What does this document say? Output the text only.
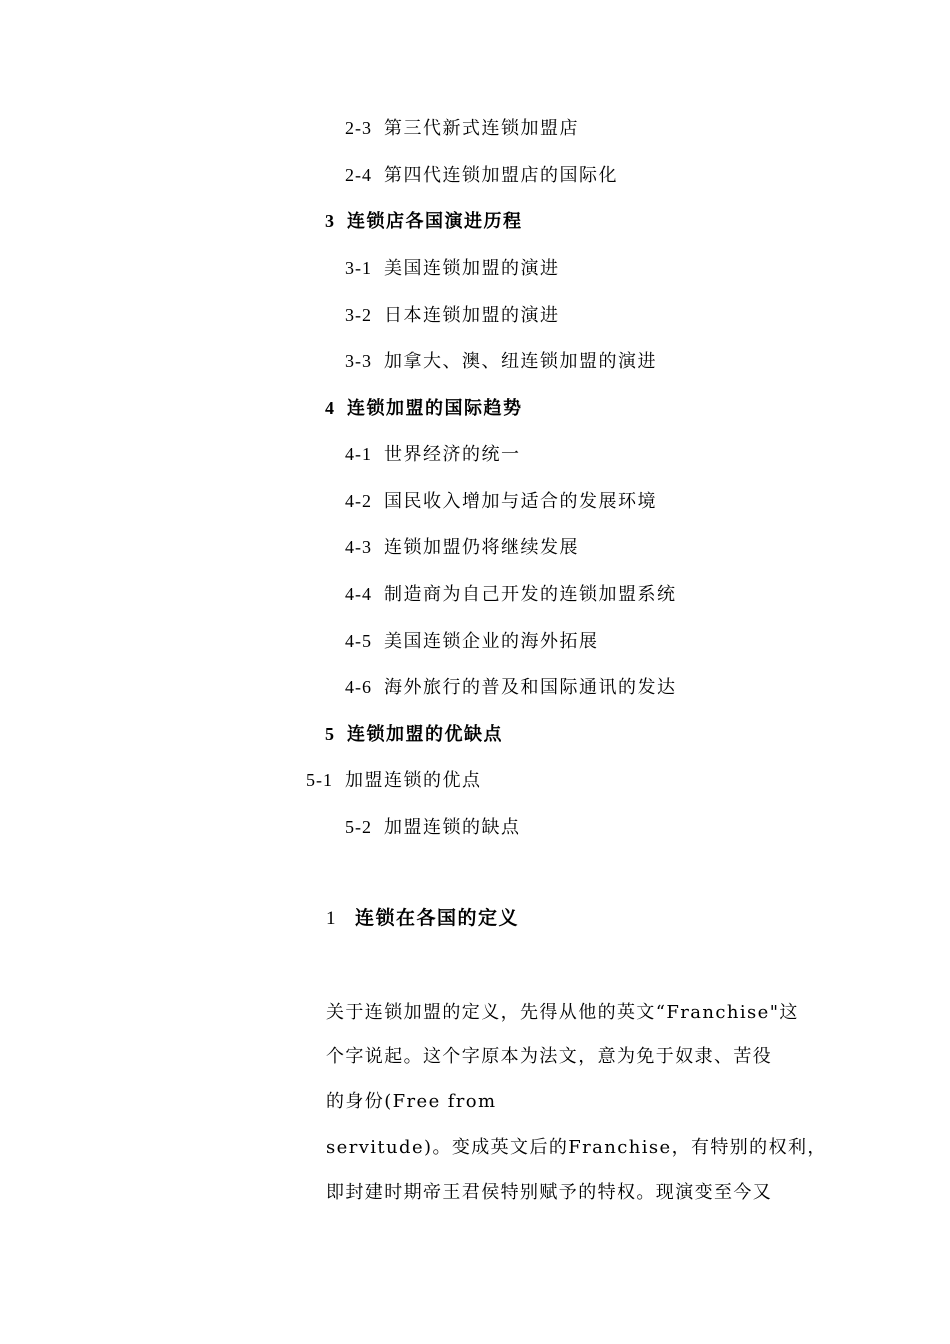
2-3 第三代新式连锁加盟店
2-4 第四代连锁加盟店的国际化
3 连锁店各国演进历程
3-1 美国连锁加盟的演进
3-2 日本连锁加盟的演进
3-3 加拿大、澳、纽连锁加盟的演进
4 连锁加盟的国际趋势
4-1 世界经济的统一
4-2 国民收入增加与适合的发展环境
4-3 连锁加盟仍将继续发展
4-4 制造商为自己开发的连锁加盟系统
4-5 美国连锁企业的海外拓展
4-6 海外旅行的普及和国际通讯的发达
5 连锁加盟的优缺点
5-1 加盟连锁的优点
5-2 加盟连锁的缺点
1 连锁在各国的定义
关于连锁加盟的定义，先得从他的英文“Franchise"这
个字说起。这个字原本为法文，意为免于奴隶、苦役
的身份(Free from
servitude)。变成英文后的Franchise，有特别的权利，
即封建时期帝王君侯特别赋予的特权。现演变至今又
